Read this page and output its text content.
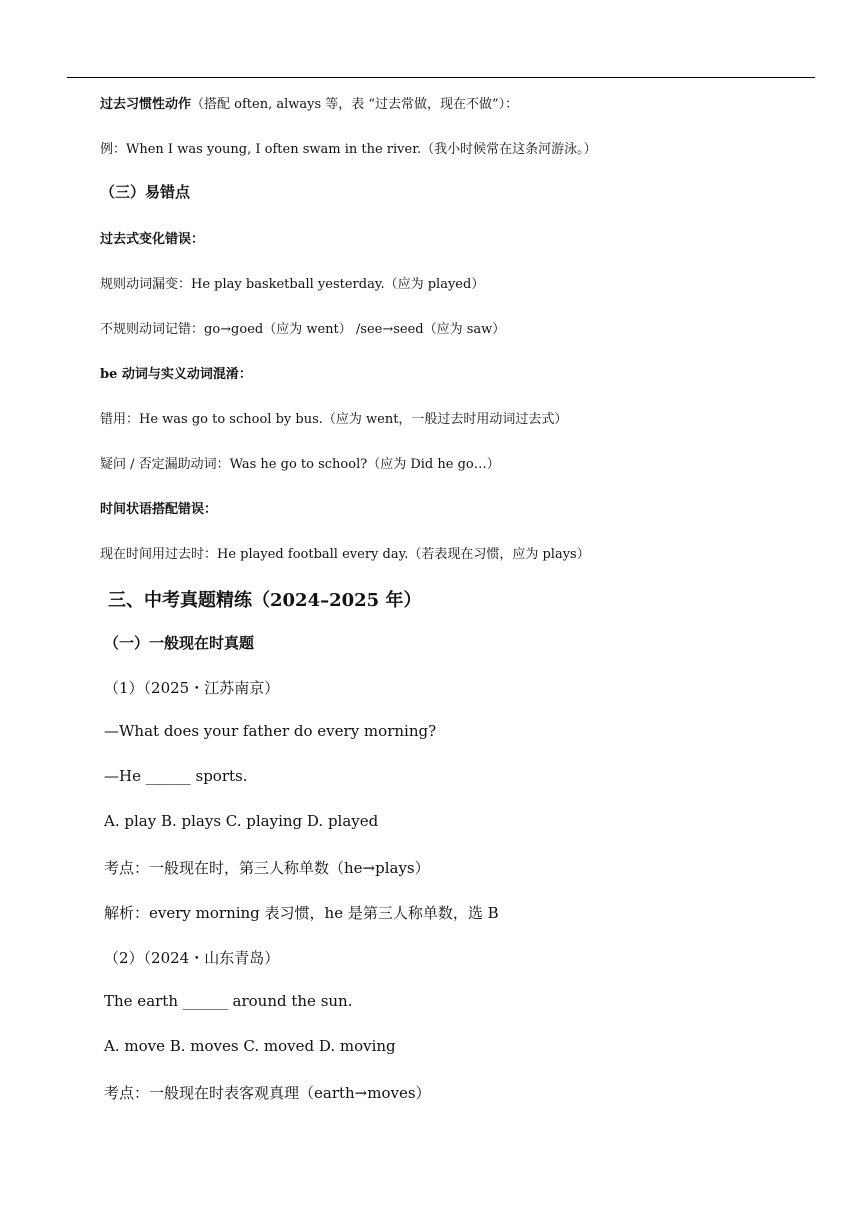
过去习惯性动作（搭配 often, always 等，表 “过去常做，现在不做”）：
例：When I was young, I often swam in the river.（我小时候常在这条河游泳。）
（三）易错点
过去式变化错误：
规则动词漏变：He play basketball yesterday.（应为 played）
不规则动词记错：go→goed（应为 went） /see→seed（应为 saw）
be 动词与实义动词混淆：
错用：He was go to school by bus.（应为 went，一般过去时用动词过去式）
疑问 / 否定漏助动词：Was he go to school?（应为 Did he go…）
时间状语搭配错误：
现在时间用过去时：He played football every day.（若表现在习惯，应为 plays）
三、中考真题精练（2024–2025 年）
（一）一般现在时真题
（1）（2025・江苏南京）
—What does your father do every morning?
—He ______ sports.
A. play B. plays C. playing D. played
考点：一般现在时，第三人称单数（he→plays）
解析：every morning 表习惯，he 是第三人称单数，选 B
（2）（2024・山东青岛）
The earth ______ around the sun.
A. move B. moves C. moved D. moving
考点：一般现在时表客观真理（earth→moves）
